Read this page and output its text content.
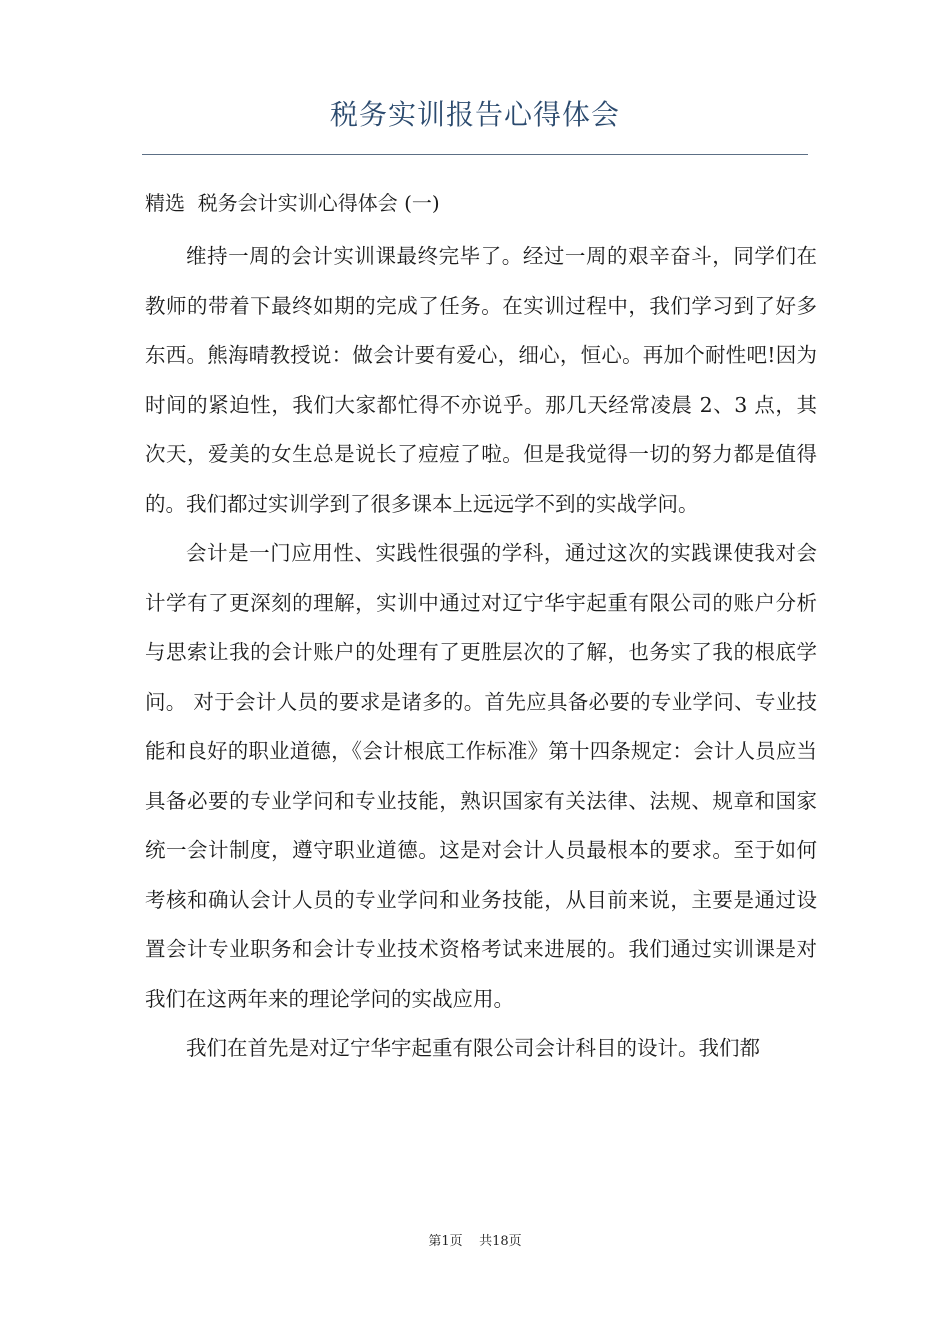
税务实训报告心得体会
精选  税务会计实训心得体会 (一)

维持一周的会计实训课最终完毕了。经过一周的艰辛奋斗，同学们在教师的带着下最终如期的完成了任务。在实训过程中，我们学习到了好多东西。熊海晴教授说：做会计要有爱心，细心，恒心。再加个耐性吧!因为时间的紧迫性，我们大家都忙得不亦说乎。那几天经常凌晨 2、3 点，其次天，爱美的女生总是说长了痘痘了啦。但是我觉得一切的努力都是值得的。我们都过实训学到了很多课本上远远学不到的实战学问。

会计是一门应用性、实践性很强的学科，通过这次的实践课使我对会计学有了更深刻的理解，实训中通过对辽宁华宇起重有限公司的账户分析与思索让我的会计账户的处理有了更胜层次的了解，也务实了我的根底学问。 对于会计人员的要求是诸多的。首先应具备必要的专业学问、专业技能和良好的职业道德，《会计根底工作标准》第十四条规定：会计人员应当具备必要的专业学问和专业技能，熟识国家有关法律、法规、规章和国家统一会计制度，遵守职业道德。这是对会计人员最根本的要求。至于如何考核和确认会计人员的专业学问和业务技能，从目前来说，主要是通过设置会计专业职务和会计专业技术资格考试来进展的。我们通过实训课是对我们在这两年来的理论学问的实战应用。

我们在首先是对辽宁华宇起重有限公司会计科目的设计。我们都

第1页    共18页
